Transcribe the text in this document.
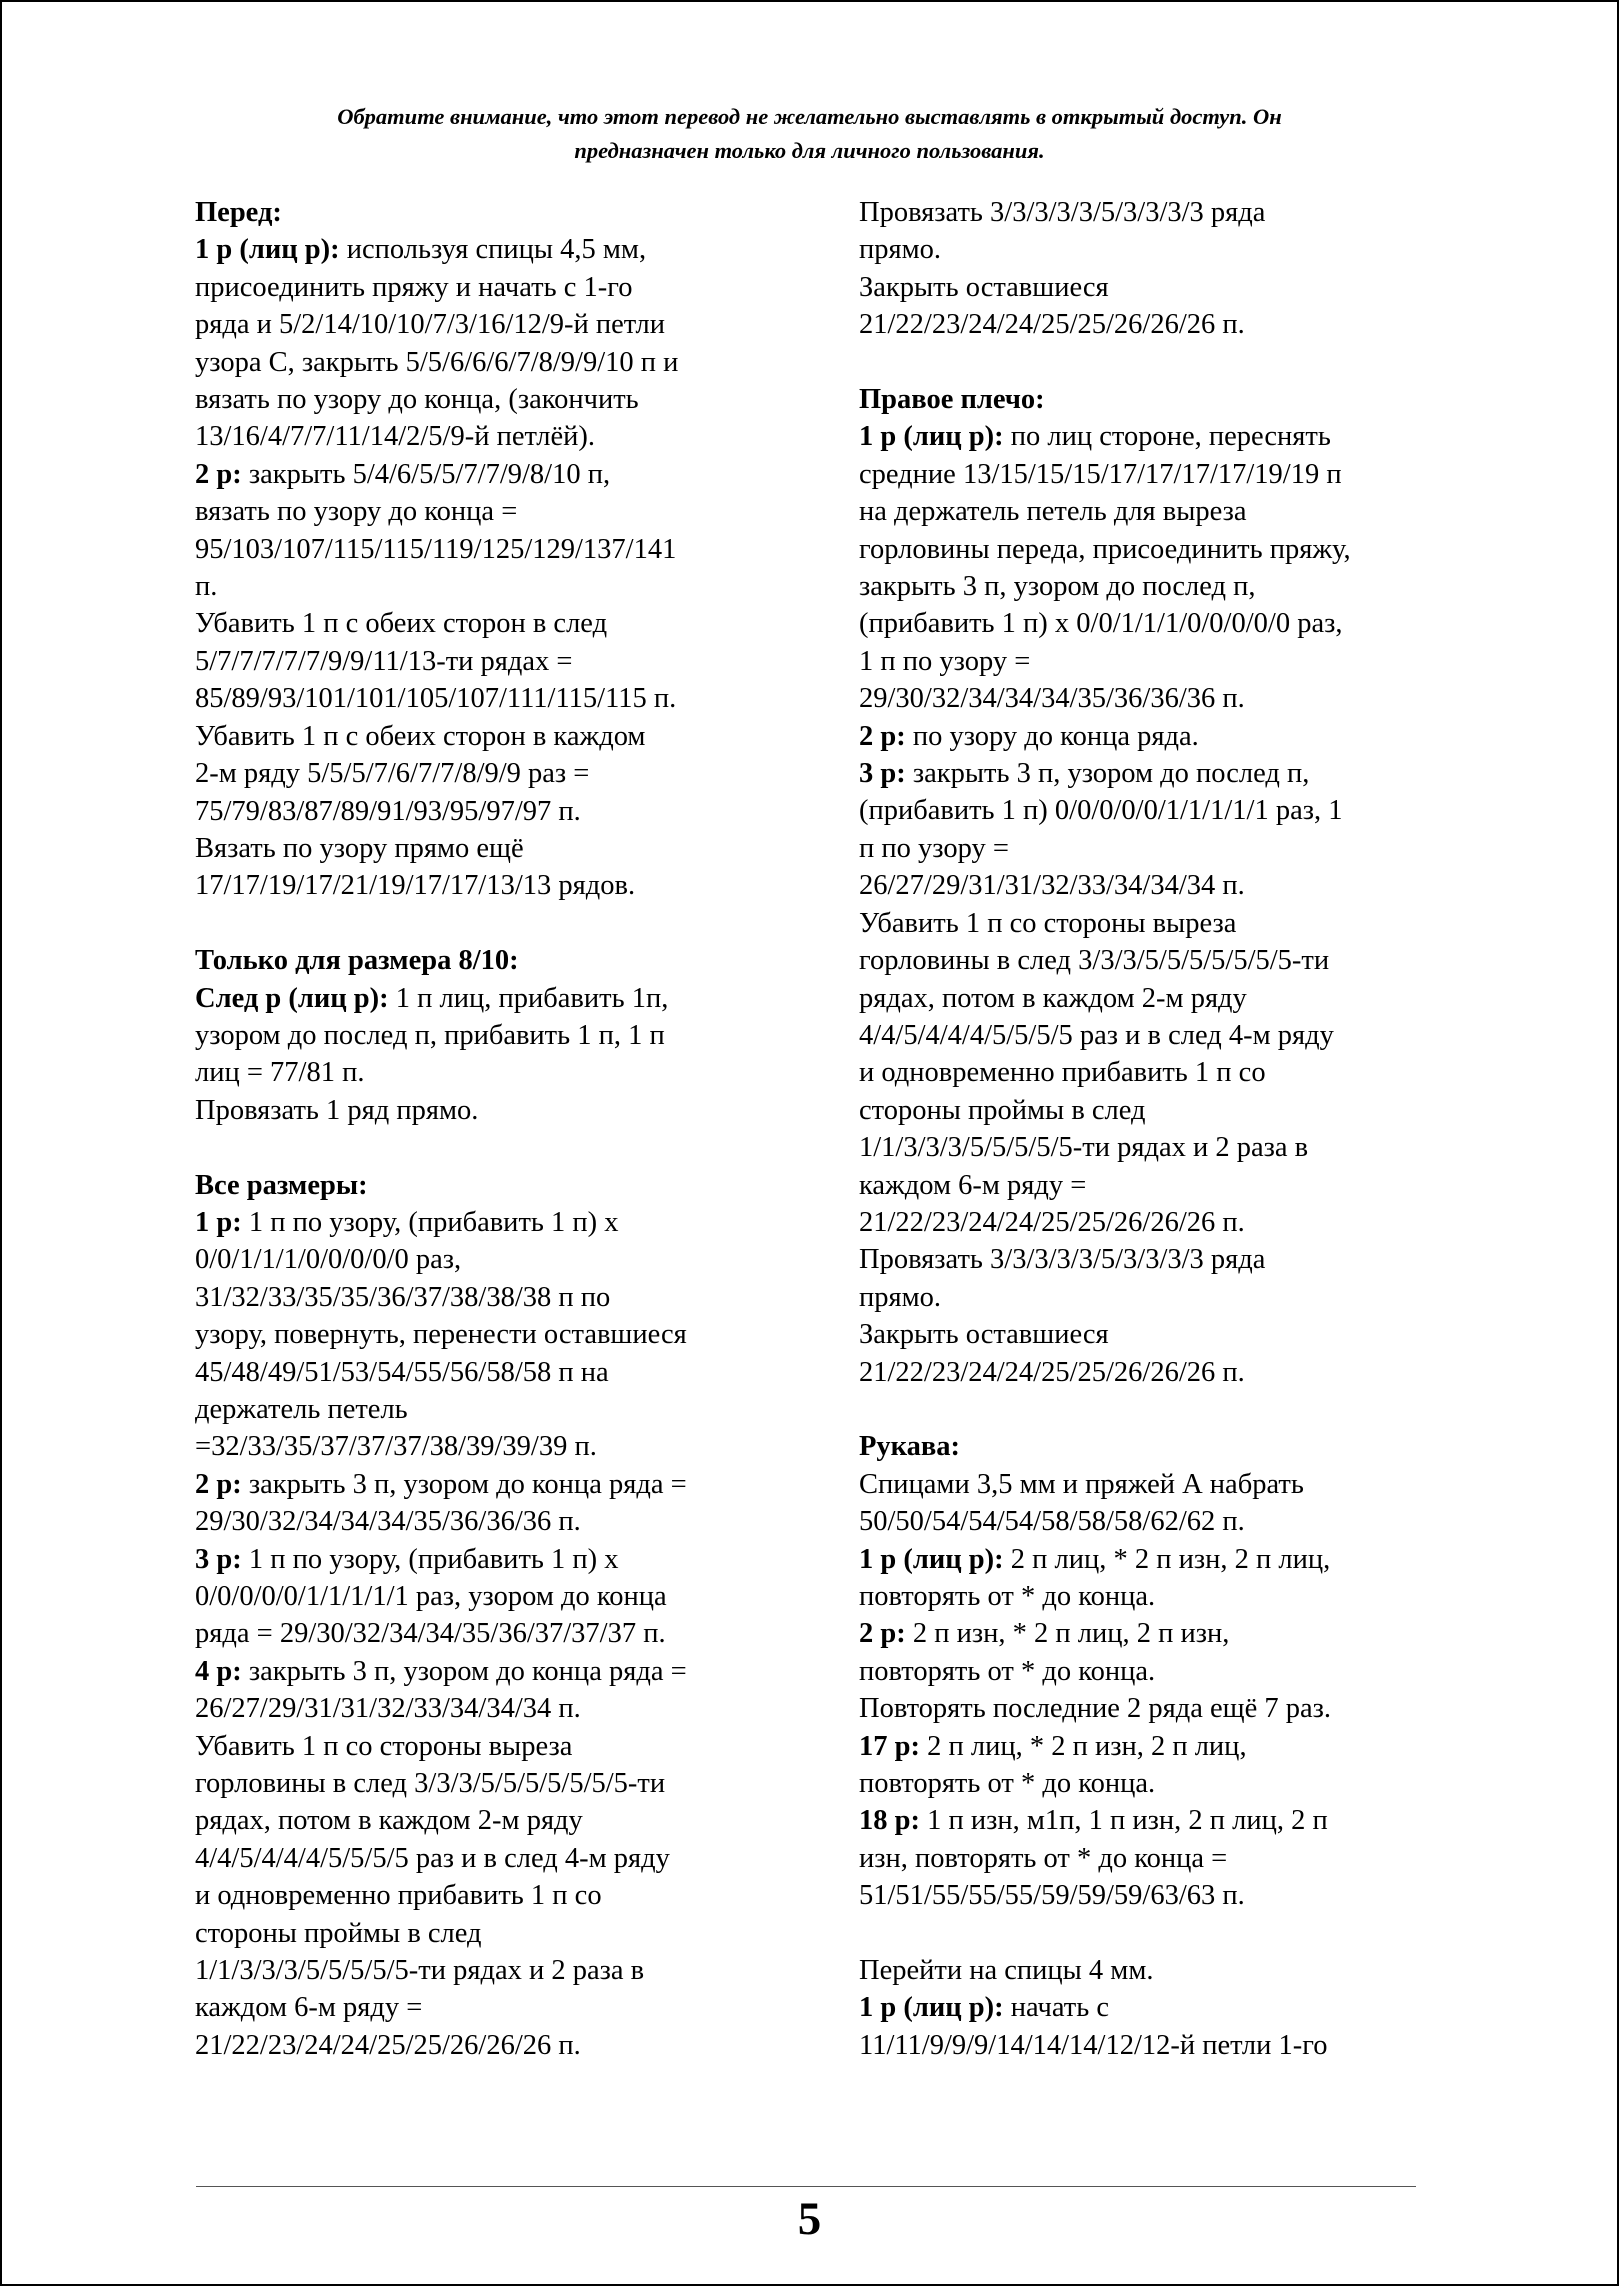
Обратите внимание, что этот перевод не желательно выставлять в открытый доступ. Он
предназначен только для личного пользования.

Перед:

1 р (лиц р): используя спицы 4,5 мм,

присоединить пряжу и начать с 1-го

ряда и 5/2/14/10/10/7/3/16/12/9-й петли

узора С, закрыть 5/5/6/6/6/7/8/9/9/10 п и

вязать по узору до конца, (закончить

13/16/4/7/7/11/14/2/5/9-й петлёй).

2 р: закрыть 5/4/6/5/5/7/7/9/8/10 п,

вязать по узору до конца =

95/103/107/115/115/119/125/129/137/141

п.

Убавить 1 п с обеих сторон в след

5/7/7/7/7/7/9/9/11/13-ти рядах =

85/89/93/101/101/105/107/111/115/115 п.

Убавить 1 п с обеих сторон в каждом

2-м ряду 5/5/5/7/6/7/7/8/9/9 раз =

75/79/83/87/89/91/93/95/97/97 п.

Вязать по узору прямо ещё

17/17/19/17/21/19/17/17/13/13 рядов.

Только для размера 8/10:

След р (лиц р): 1 п лиц, прибавить 1п,

узором до послед п, прибавить 1 п, 1 п

лиц = 77/81 п.

Провязать 1 ряд прямо.

Все размеры:

1 р: 1 п по узору, (прибавить 1 п) х

0/0/1/1/1/0/0/0/0/0 раз,

31/32/33/35/35/36/37/38/38/38 п по

узору, повернуть, перенести оставшиеся

45/48/49/51/53/54/55/56/58/58 п на

держатель петель

=32/33/35/37/37/37/38/39/39/39 п.

2 р: закрыть 3 п, узором до конца ряда =

29/30/32/34/34/34/35/36/36/36 п.

3 р: 1 п по узору, (прибавить 1 п) х

0/0/0/0/0/1/1/1/1/1 раз, узором до конца

ряда = 29/30/32/34/34/35/36/37/37/37 п.

4 р: закрыть 3 п, узором до конца ряда =

26/27/29/31/31/32/33/34/34/34 п.

Убавить 1 п со стороны выреза

горловины в след 3/3/3/5/5/5/5/5/5/5-ти

рядах, потом в каждом 2-м ряду

4/4/5/4/4/4/5/5/5/5 раз и в след 4-м ряду

и одновременно прибавить 1 п со

стороны проймы в след

1/1/3/3/3/5/5/5/5/5-ти рядах и 2 раза в

каждом 6-м ряду =

21/22/23/24/24/25/25/26/26/26 п.

Провязать 3/3/3/3/3/5/3/3/3/3 ряда

прямо.

Закрыть оставшиеся

21/22/23/24/24/25/25/26/26/26 п.

Правое плечо:

1 р (лиц р): по лиц стороне, переснять

средние 13/15/15/15/17/17/17/17/19/19 п

на держатель петель для выреза

горловины переда, присоединить пряжу,

закрыть 3 п, узором до послед п,

(прибавить 1 п) х 0/0/1/1/1/0/0/0/0/0 раз,

1 п по узору =

29/30/32/34/34/34/35/36/36/36 п.

2 р: по узору до конца ряда.

3 р: закрыть 3 п, узором до послед п,

(прибавить 1 п) 0/0/0/0/0/1/1/1/1/1 раз, 1

п по узору =

26/27/29/31/31/32/33/34/34/34 п.

Убавить 1 п со стороны выреза

горловины в след 3/3/3/5/5/5/5/5/5/5-ти

рядах, потом в каждом 2-м ряду

4/4/5/4/4/4/5/5/5/5 раз и в след 4-м ряду

и одновременно прибавить 1 п со

стороны проймы в след

1/1/3/3/3/5/5/5/5/5-ти рядах и 2 раза в

каждом 6-м ряду =

21/22/23/24/24/25/25/26/26/26 п.

Провязать 3/3/3/3/3/5/3/3/3/3 ряда

прямо.

Закрыть оставшиеся

21/22/23/24/24/25/25/26/26/26 п.

Рукава:

Спицами 3,5 мм и пряжей А набрать

50/50/54/54/54/58/58/58/62/62 п.

1 р (лиц р): 2 п лиц, * 2 п изн, 2 п лиц,

повторять от * до конца.

2 р: 2 п изн, * 2 п лиц, 2 п изн,

повторять от * до конца.

Повторять последние 2 ряда ещё 7 раз.

17 р: 2 п лиц, * 2 п изн, 2 п лиц,

повторять от * до конца.

18 р: 1 п изн, м1п, 1 п изн, 2 п лиц, 2 п

изн, повторять от * до конца =

51/51/55/55/55/59/59/59/63/63 п.

Перейти на спицы 4 мм.

1 р (лиц р): начать с

11/11/9/9/9/14/14/14/12/12-й петли 1-го

5
